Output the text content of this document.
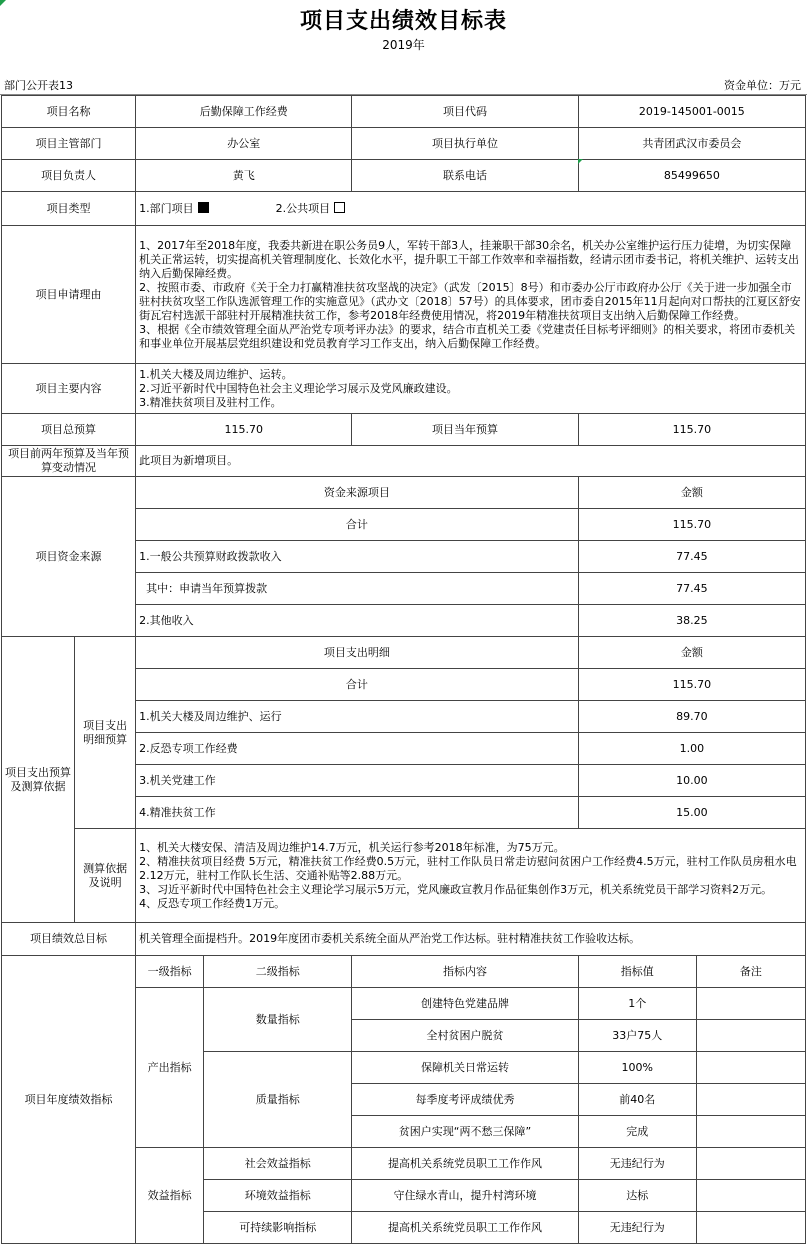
项目支出绩效目标表
2019年
部门公开表13	资金单位：万元
项目名称		后勤保障工作经费		项目代码	2019-145001-0015	
项目主管部门		办公室		项目执行单位	共青团武汉市委员会	
项目负责人		黄飞		联系电话	85499650	
项目类型		1.部门项目 2.公共项目				
项目申请理由		1、2017年至2018年度，我委共新进在职公务员9人，军转干部3人，挂兼职干部30余名，机关办公室维护运行压力徒增，为切实保障机关正常运转，切实提高机关管理制度化、长效化水平，提升职工干部工作效率和幸福指数，经请示团市委书记，将机关维护、运转支出纳入后勤保障经费。
2、按照市委、市政府《关于全力打赢精准扶贫攻坚战的决定》（武发〔2015〕8号）和市委办公厅市政府办公厅《关于进一步加强全市驻村扶贫攻坚工作队选派管理工作的实施意见》（武办文〔2018〕57号）的具体要求，团市委自2015年11月起向对口帮扶的江夏区舒安街瓦宕村选派干部驻村开展精准扶贫工作，参考2018年经费使用情况，将2019年精准扶贫项目支出纳入后勤保障工作经费。
3、根据《全市绩效管理全面从严治党专项考评办法》的要求，结合市直机关工委《党建责任目标考评细则》的相关要求，将团市委机关和事业单位开展基层党组织建设和党员教育学习工作支出，纳入后勤保障工作经费。				

项目主要内容		1.机关大楼及周边维护、运转。
2.习近平新时代中国特色社会主义理论学习展示及党风廉政建设。
3.精准扶贫项目及驻村工作。				

项目总预算		115.70		项目当年预算	115.70	
项目前两年预算及当年预算变动情况		此项目为新增项目。				
项目资金来源		资金来源项目			金额	
		合计			115.70	
		1.一般公共预算财政拨款收入			77.45	
		其中：申请当年预算拨款			77.45	
		2.其他收入			38.25	
项目支出预算及测算依据	项目支出明细预算	项目支出明细			金额	
		合计			115.70	
		1.机关大楼及周边维护、运行			89.70	
		2.反恐专项工作经费			1.00	
		3.机关党建工作			10.00	
		4.精准扶贫工作			15.00	
	测算依据及说明	1、机关大楼安保、清洁及周边维护14.7万元，机关运行参考2018年标准，为75万元。
2、精准扶贫项目经费 5万元，精准扶贫工作经费0.5万元，驻村工作队员日常走访慰问贫困户工作经费4.5万元，驻村工作队员房租水电 2.12万元，驻村工作队长生活、交通补贴等2.88万元。
3、习近平新时代中国特色社会主义理论学习展示5万元，党风廉政宣教月作品征集创作3万元，机关系统党员干部学习资料2万元。
4、反恐专项工作经费1万元。				

项目绩效总目标		机关管理全面提档升。2019年度团市委机关系统全面从严治党工作达标。驻村精准扶贫工作验收达标。				
项目年度绩效指标		一级指标	二级指标	指标内容	指标值	备注
		产出指标	数量指标	创建特色党建品牌	1个	
				全村贫困户脱贫	33户75人	
			质量指标	保障机关日常运转	100%	
				每季度考评成绩优秀	前40名	
				贫困户实现“两不愁三保障”	完成	
		效益指标	社会效益指标	提高机关系统党员职工工作作风	无违纪行为	
			环境效益指标	守住绿水青山，提升村湾环境	达标	
			可持续影响指标	提高机关系统党员职工工作作风	无违纪行为	
